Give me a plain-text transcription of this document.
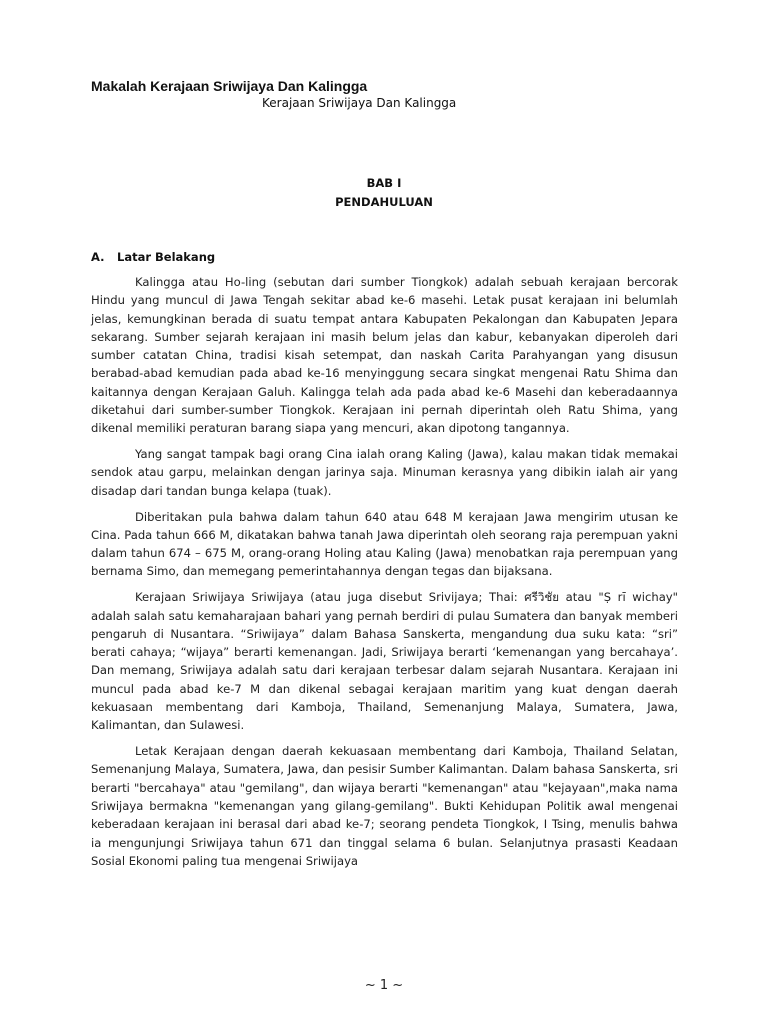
Makalah Kerajaan Sriwijaya Dan Kalingga
Kerajaan Sriwijaya Dan Kalingga
BAB I
PENDAHULUAN
A. Latar Belakang

Kalingga atau Ho-ling (sebutan dari sumber Tiongkok) adalah sebuah kerajaan bercorak Hindu yang muncul di Jawa Tengah sekitar abad ke-6 masehi. Letak pusat kerajaan ini belumlah jelas, kemungkinan berada di suatu tempat antara Kabupaten Pekalongan dan Kabupaten Jepara sekarang. Sumber sejarah kerajaan ini masih belum jelas dan kabur, kebanyakan diperoleh dari sumber catatan China, tradisi kisah setempat, dan naskah Carita Parahyangan yang disusun berabad-abad kemudian pada abad ke-16 menyinggung secara singkat mengenai Ratu Shima dan kaitannya dengan Kerajaan Galuh. Kalingga telah ada pada abad ke-6 Masehi dan keberadaannya diketahui dari sumber-sumber Tiongkok. Kerajaan ini pernah diperintah oleh Ratu Shima, yang dikenal memiliki peraturan barang siapa yang mencuri, akan dipotong tangannya.

Yang sangat tampak bagi orang Cina ialah orang Kaling (Jawa), kalau makan tidak memakai sendok atau garpu, melainkan dengan jarinya saja. Minuman kerasnya yang dibikin ialah air yang disadap dari tandan bunga kelapa (tuak).

Diberitakan pula bahwa dalam tahun 640 atau 648 M kerajaan Jawa mengirim utusan ke Cina. Pada tahun 666 M, dikatakan bahwa tanah Jawa diperintah oleh seorang raja perempuan yakni dalam tahun 674 – 675 M, orang-orang Holing atau Kaling (Jawa) menobatkan raja perempuan yang bernama Simo, dan memegang pemerintahannya dengan tegas dan bijaksana.

Kerajaan Sriwijaya Sriwijaya (atau juga disebut Srivijaya; Thai: ศรีวิชัย atau "Ṣ rī wichay" adalah salah satu kemaharajaan bahari yang pernah berdiri di pulau Sumatera dan banyak memberi pengaruh di Nusantara. “Sriwijaya” dalam Bahasa Sanskerta, mengandung dua suku kata: “sri” berati cahaya; “wijaya” berarti kemenangan. Jadi, Sriwijaya berarti ‘kemenangan yang bercahaya’. Dan memang, Sriwijaya adalah satu dari kerajaan terbesar dalam sejarah Nusantara. Kerajaan ini muncul pada abad ke-7 M dan dikenal sebagai kerajaan maritim yang kuat dengan daerah kekuasaan membentang dari Kamboja, Thailand, Semenanjung Malaya, Sumatera, Jawa, Kalimantan, dan Sulawesi.

Letak Kerajaan dengan daerah kekuasaan membentang dari Kamboja, Thailand Selatan, Semenanjung Malaya, Sumatera, Jawa, dan pesisir Sumber Kalimantan. Dalam bahasa Sanskerta, sri berarti "bercahaya" atau "gemilang", dan wijaya berarti "kemenangan" atau "kejayaan",maka nama Sriwijaya bermakna "kemenangan yang gilang-gemilang". Bukti Kehidupan Politik awal mengenai keberadaan kerajaan ini berasal dari abad ke-7; seorang pendeta Tiongkok, I Tsing, menulis bahwa ia mengunjungi Sriwijaya tahun 671 dan tinggal selama 6 bulan. Selanjutnya prasasti Keadaan Sosial Ekonomi paling tua mengenai Sriwijaya

~ 1 ~
